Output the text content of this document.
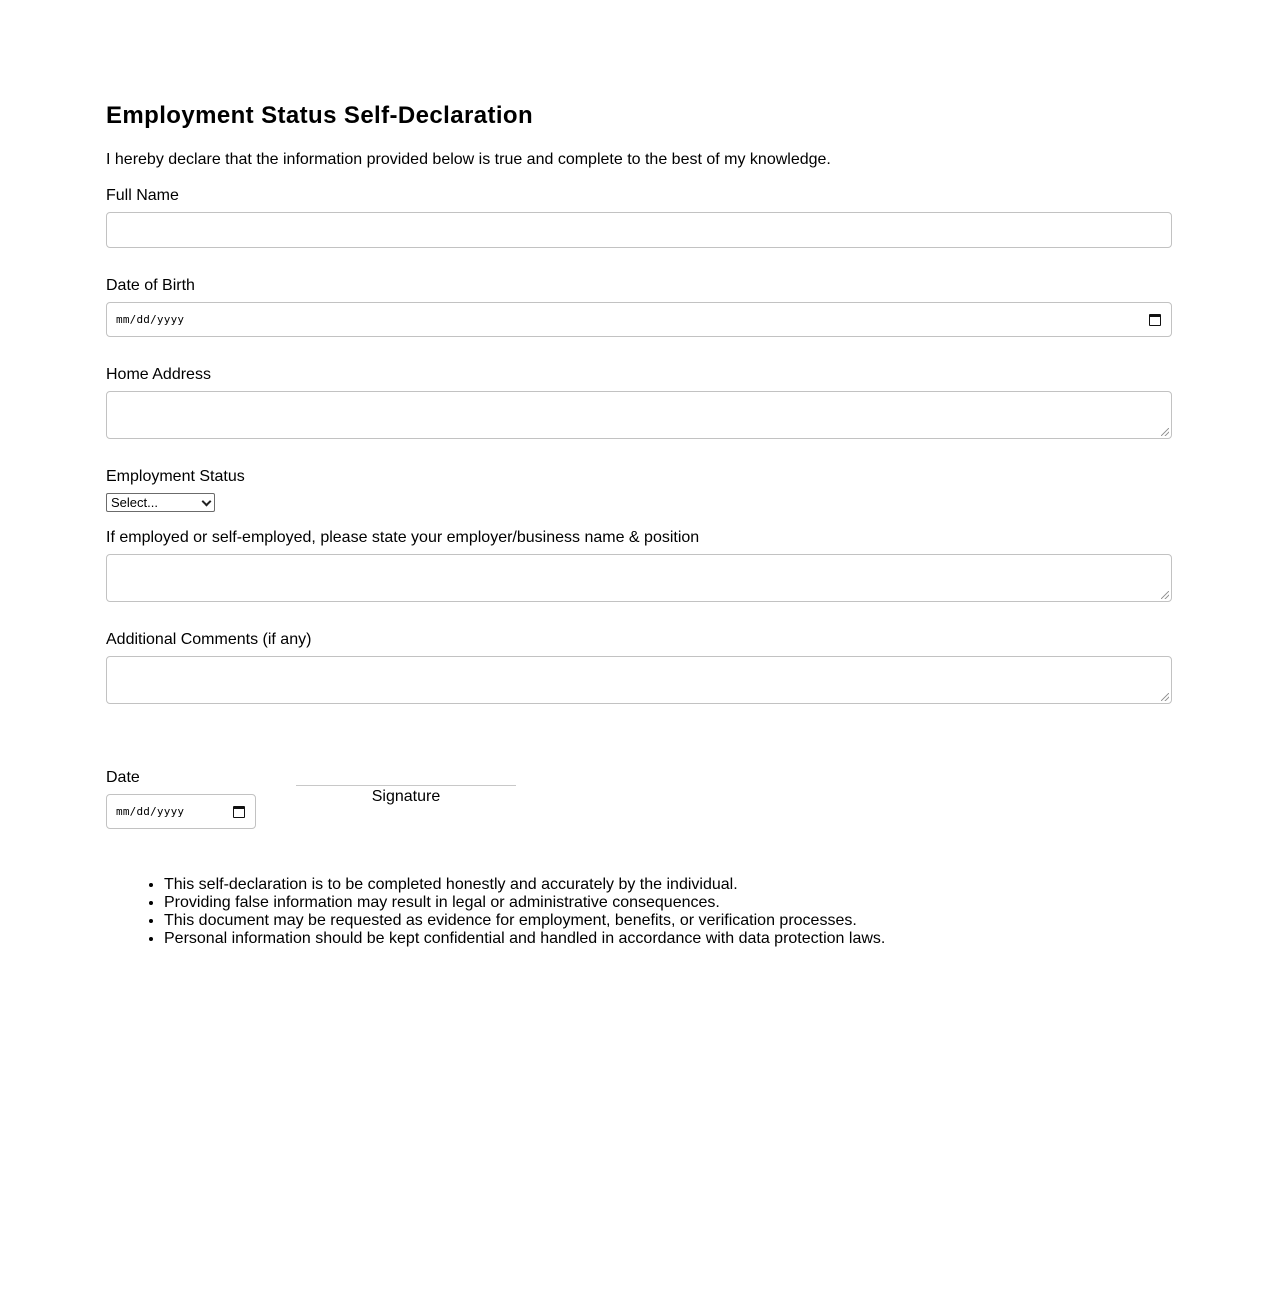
Employment Status Self-Declaration

I hereby declare that the information provided below is true and complete to the best of my knowledge.

Full Name
Date of Birth
mm/dd/yyyy
Home Address
Employment Status
Select...
If employed or self-employed, please state your employer/business name & position
Additional Comments (if any)
Date
mm/dd/yyyy
Signature
• This self-declaration is to be completed honestly and accurately by the individual.
• Providing false information may result in legal or administrative consequences.
• This document may be requested as evidence for employment, benefits, or verification processes.
• Personal information should be kept confidential and handled in accordance with data protection laws.
